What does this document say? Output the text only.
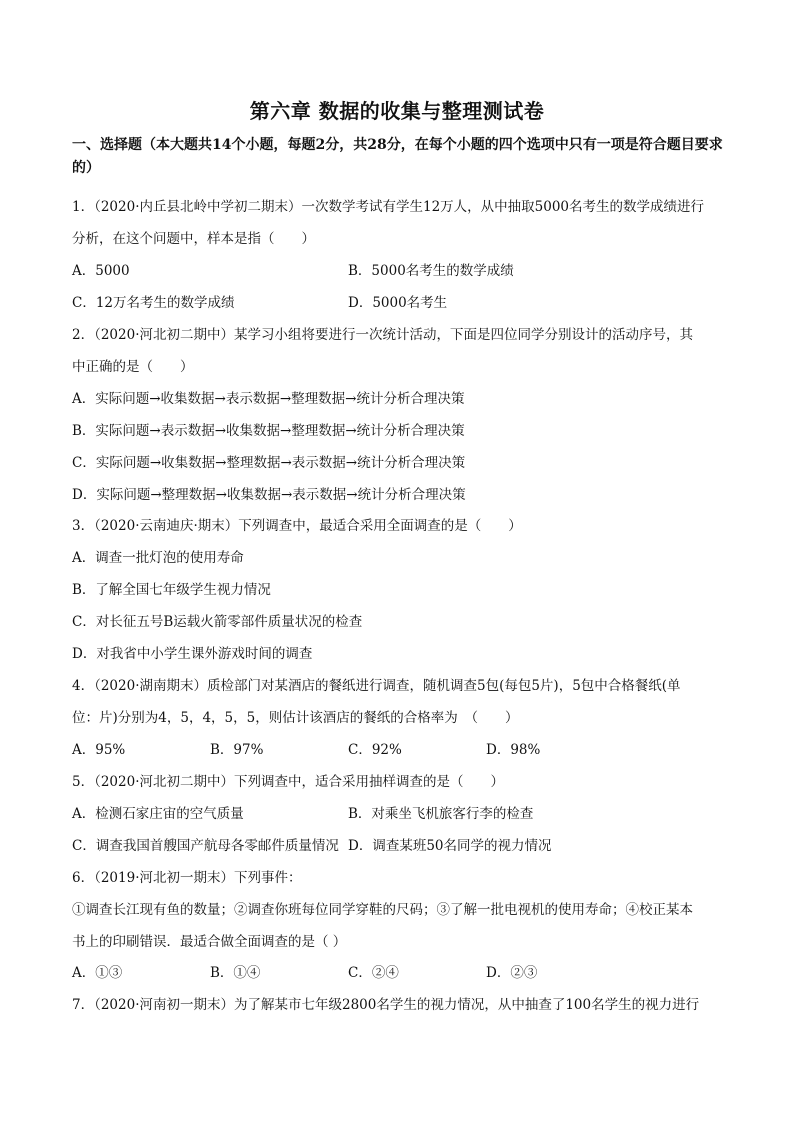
第六章 数据的收集与整理测试卷
一、选择题（本大题共14个小题，每题2分，共28分，在每个小题的四个选项中只有一项是符合题目要求的）
1．（2020·内丘县北岭中学初二期末）一次数学考试有学生12万人，从中抽取5000名考生的数学成绩进行
分析，在这个问题中，样本是指（　　）
A．5000	B．5000名考生的数学成绩
C．12万名考生的数学成绩	D．5000名考生
2．（2020·河北初二期中）某学习小组将要进行一次统计活动，下面是四位同学分别设计的活动序号，其
中正确的是（　　）
A．实际问题→收集数据→表示数据→整理数据→统计分析合理决策
B．实际问题→表示数据→收集数据→整理数据→统计分析合理决策
C．实际问题→收集数据→整理数据→表示数据→统计分析合理决策
D．实际问题→整理数据→收集数据→表示数据→统计分析合理决策
3．（2020·云南迪庆·期末）下列调查中，最适合采用全面调查的是（　　）
A．调查一批灯泡的使用寿命
B．了解全国七年级学生视力情况
C．对长征五号B运载火箭零部件质量状况的检查
D．对我省中小学生课外游戏时间的调查
4．（2020·湖南期末）质检部门对某酒店的餐纸进行调查，随机调查5包(每包5片)，5包中合格餐纸(单
位：片)分别为4，5，4，5，5，则估计该酒店的餐纸的合格率为　（　　）
A．95%	B．97%	C．92%	D．98%
5．（2020·河北初二期中）下列调查中，适合采用抽样调查的是（　　）
A．检测石家庄宙的空气质量	B．对乘坐飞机旅客行李的检查
C．调查我国首艘国产航母各零邮件质量情况 D．调查某班50名同学的视力情况
6．（2019·河北初一期末）下列事件：
①调查长江现有鱼的数量；②调查你班每位同学穿鞋的尺码；③了解一批电视机的使用寿命；④校正某本
书上的印刷错误．最适合做全面调查的是（ ）
A．①③	B．①④	C．②④	D．②③
7．（2020·河南初一期末）为了解某市七年级2800名学生的视力情况，从中抽查了100名学生的视力进行
